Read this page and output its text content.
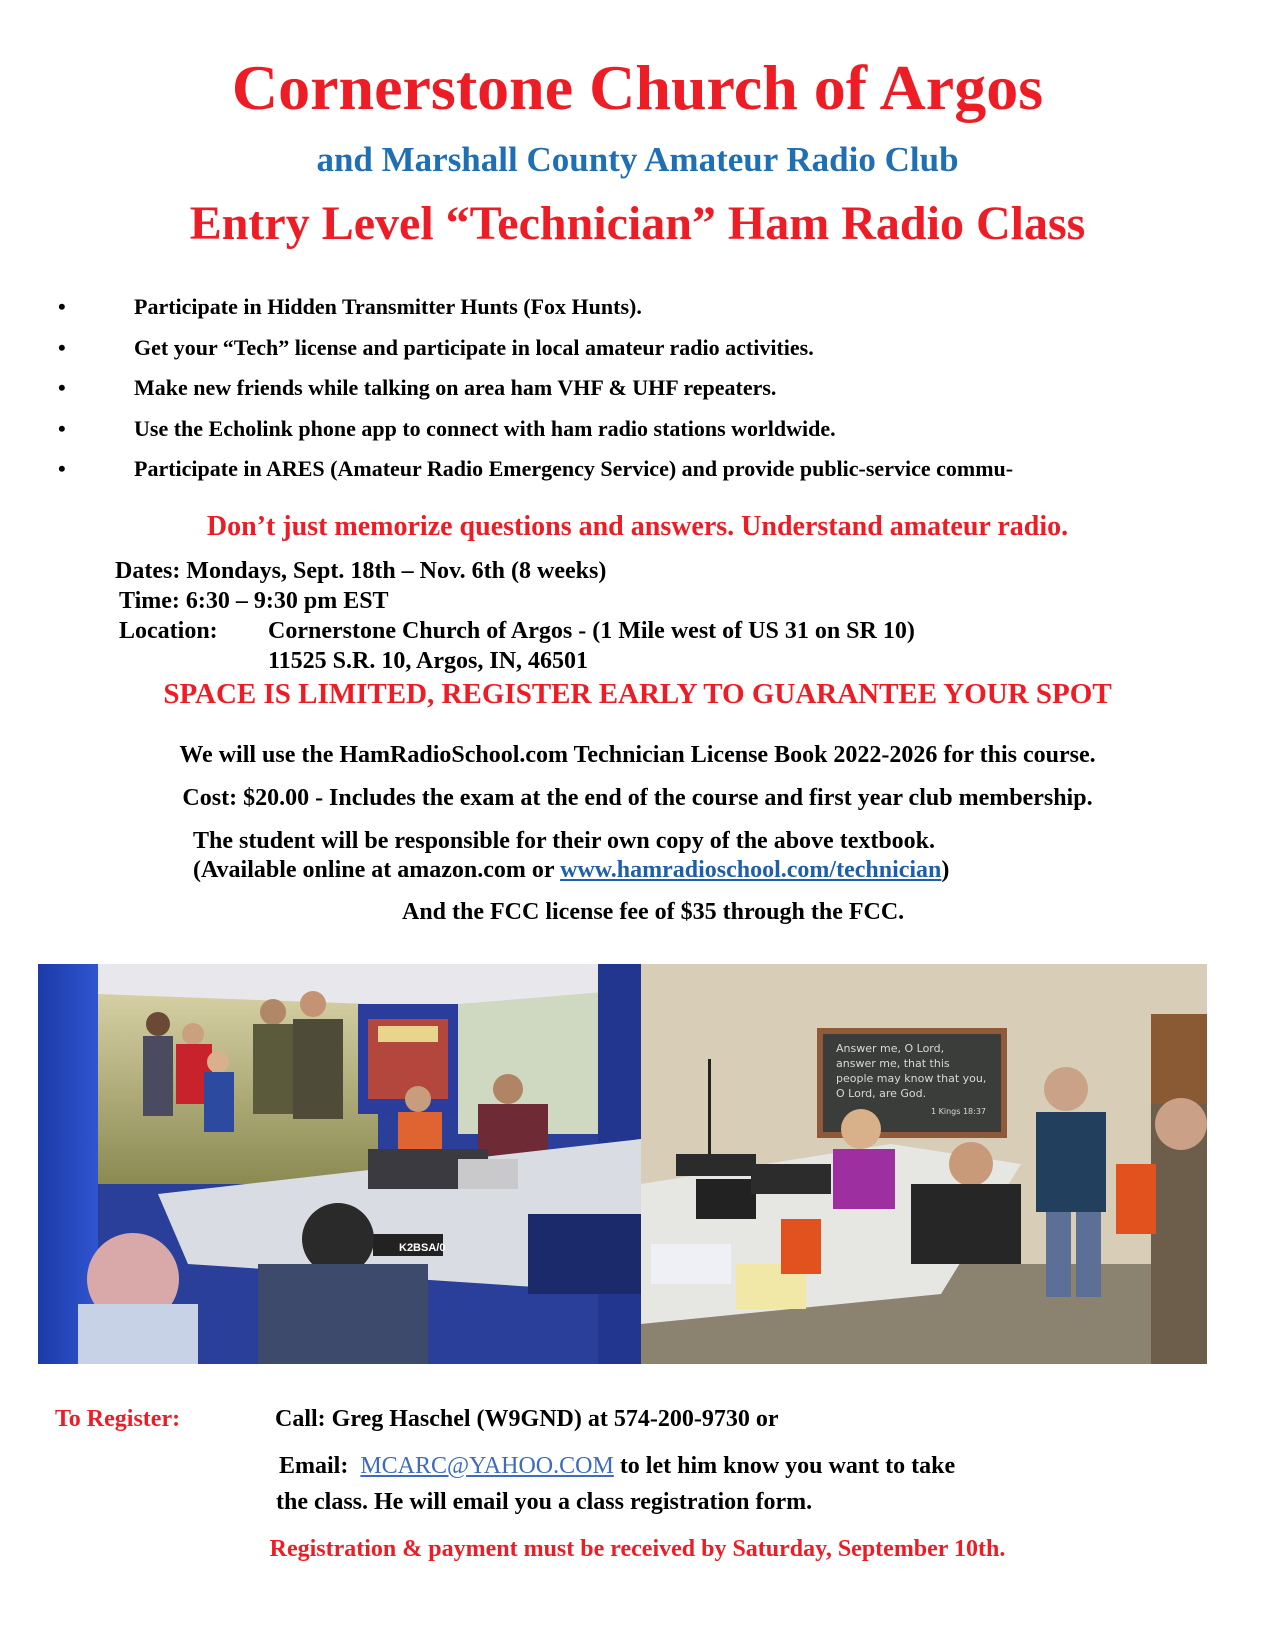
Cornerstone Church of Argos
and Marshall County Amateur Radio Club
Entry Level “Technician” Ham Radio Class
•	Participate in Hidden Transmitter Hunts (Fox Hunts).
•	Get your “Tech” license and participate in local amateur radio activities.
•	Make new friends while talking on area ham VHF & UHF repeaters.
•	Use the Echolink phone app to connect with ham radio stations worldwide.
•	Participate in ARES (Amateur Radio Emergency Service) and provide public-service commu-
Don’t just memorize questions and answers. Understand amateur radio.
Dates: Mondays, Sept. 18th – Nov. 6th (8 weeks)
Time: 6:30 – 9:30 pm EST
Location: Cornerstone Church of Argos - (1 Mile west of US 31 on SR 10)
11525 S.R. 10, Argos, IN, 46501
SPACE IS LIMITED, REGISTER EARLY TO GUARANTEE YOUR SPOT
We will use the HamRadioSchool.com Technician License Book 2022-2026 for this course.
Cost: $20.00 - Includes the exam at the end of the course and first year club membership.
The student will be responsible for their own copy of the above textbook.
(Available online at amazon.com or www.hamradioschool.com/technician)
And the FCC license fee of $35 through the FCC.
K2BSA/0
Answer me, O Lord,
answer me, that this
people may know that you,
O Lord, are God.
1 Kings 18:37
To Register:	Call: Greg Haschel (W9GND) at 574-200-9730 or
Email: MCARC@YAHOO.COM to let him know you want to take
the class. He will email you a class registration form.
Registration & payment must be received by Saturday, September 10th.
